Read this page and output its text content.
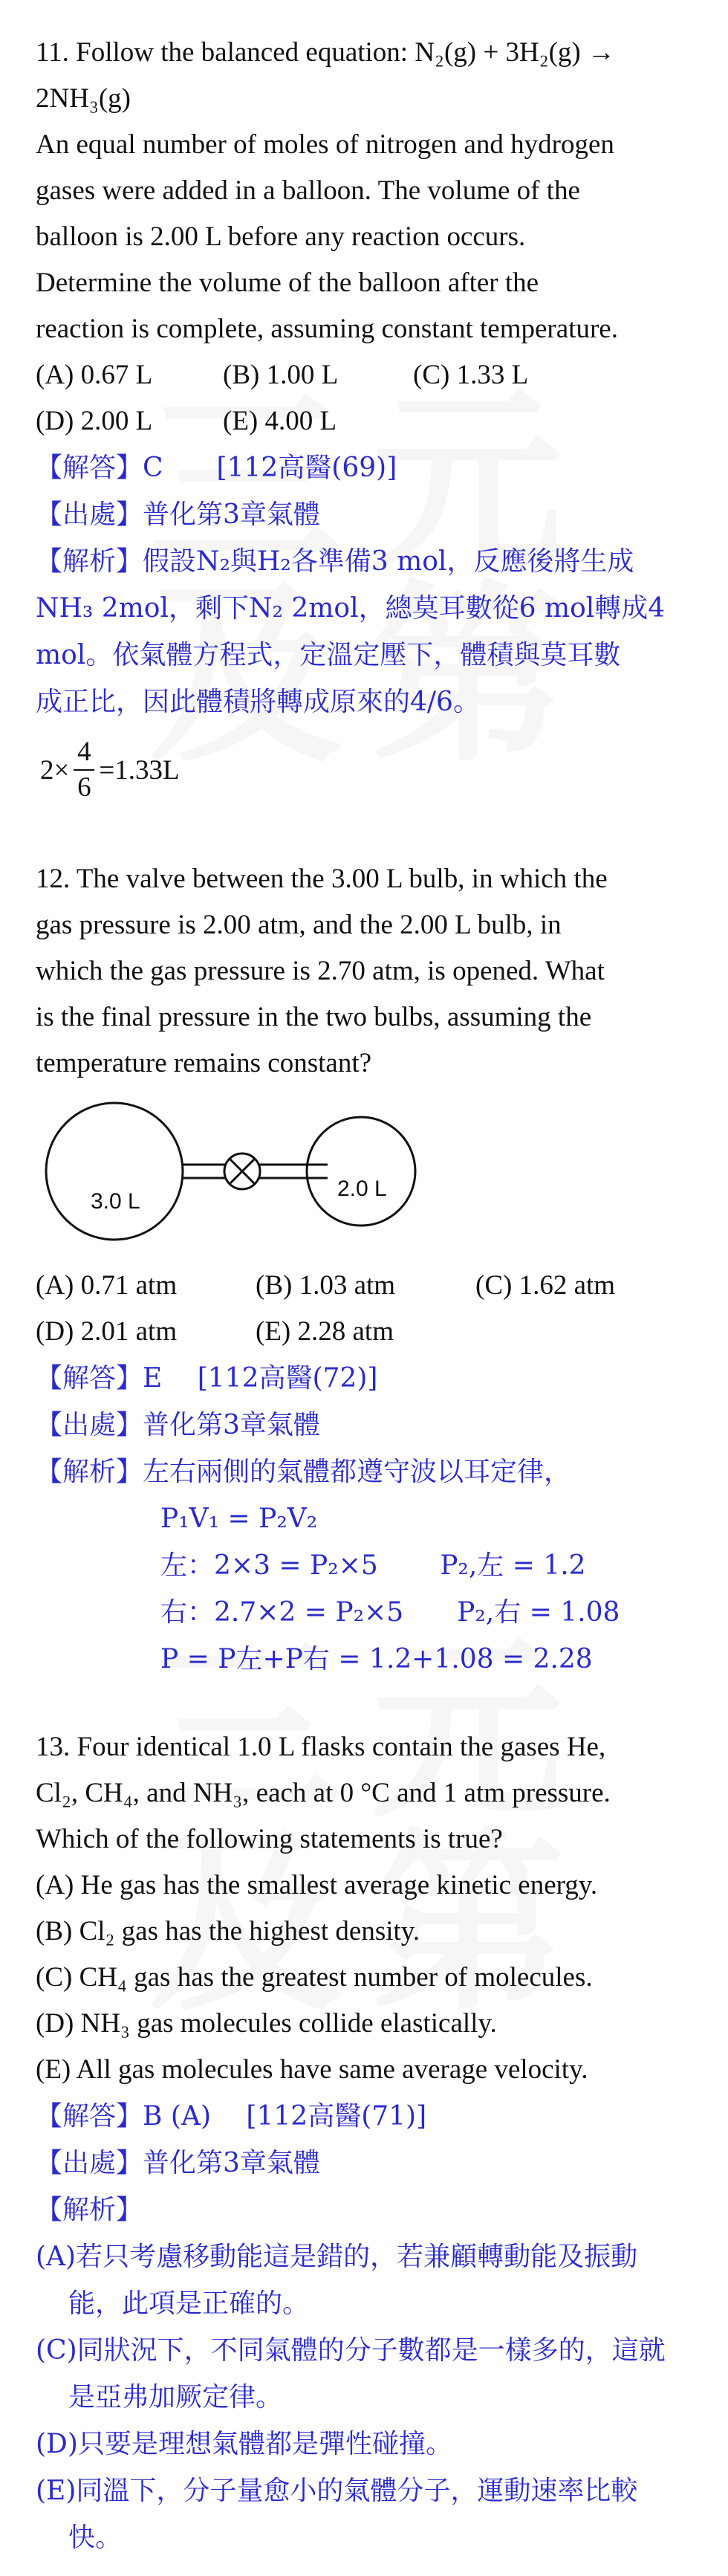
11. Follow the balanced equation: N₂(g) + 3H₂(g) →

2NH₃(g)

An equal number of moles of nitrogen and hydrogen

gases were added in a balloon. The volume of the

balloon is 2.00 L before any reaction occurs.

Determine the volume of the balloon after the

reaction is complete, assuming constant temperature.

(A) 0.67 L	(B) 1.00 L	(C) 1.33 L
(D) 2.00 L	(E) 4.00 L

【解答】C　　[112高醫(69)]

【出處】普化第3章氣體

【解析】假設N₂與H₂各準備3 mol，反應後將生成
NH₃ 2mol，剩下N₂ 2mol，總莫耳數從6 mol轉成4
mol。依氣體方程式，定溫定壓下，體積與莫耳數
成正比，因此體積將轉成原來的4/6。
$2\times \frac{4}{6} =1.33L$

12. The valve between the 3.00 L bulb, in which the

gas pressure is 2.00 atm, and the 2.00 L bulb, in

which the gas pressure is 2.70 atm, is opened. What

is the final pressure in the two bulbs, assuming the

temperature remains constant?

3.0 L
2.0 L
(A) 0.71 atm	(B) 1.03 atm	(C) 1.62 atm
(D) 2.01 atm	(E) 2.28 atm

【解答】E　 [112高醫(72)]

【出處】普化第3章氣體

【解析】左右兩側的氣體都遵守波以耳定律，
P₁V₁ = P₂V₂
左：2×3 = P₂×5　　 P₂,左 = 1.2
右：2.7×2 = P₂×5　　P₂,右 = 1.08
P = P左+P右 = 1.2+1.08 = 2.28

13. Four identical 1.0 L flasks contain the gases He,

Cl₂, CH₄, and NH₃, each at 0 °C and 1 atm pressure.

Which of the following statements is true?

(A) He gas has the smallest average kinetic energy.

(B) Cl₂ gas has the highest density.

(C) CH₄ gas has the greatest number of molecules.

(D) NH₃ gas molecules collide elastically.

(E) All gas molecules have same average velocity.

【解答】B (A)　 [112高醫(71)]

【出處】普化第3章氣體

【解析】
(A)若只考慮移動能這是錯的，若兼顧轉動能及振動能，此項是正確的。
(C)同狀況下，不同氣體的分子數都是一樣多的，這就是亞弗加厥定律。
(D)只要是理想氣體都是彈性碰撞。
(E)同溫下，分子量愈小的氣體分子，運動速率比較快。
